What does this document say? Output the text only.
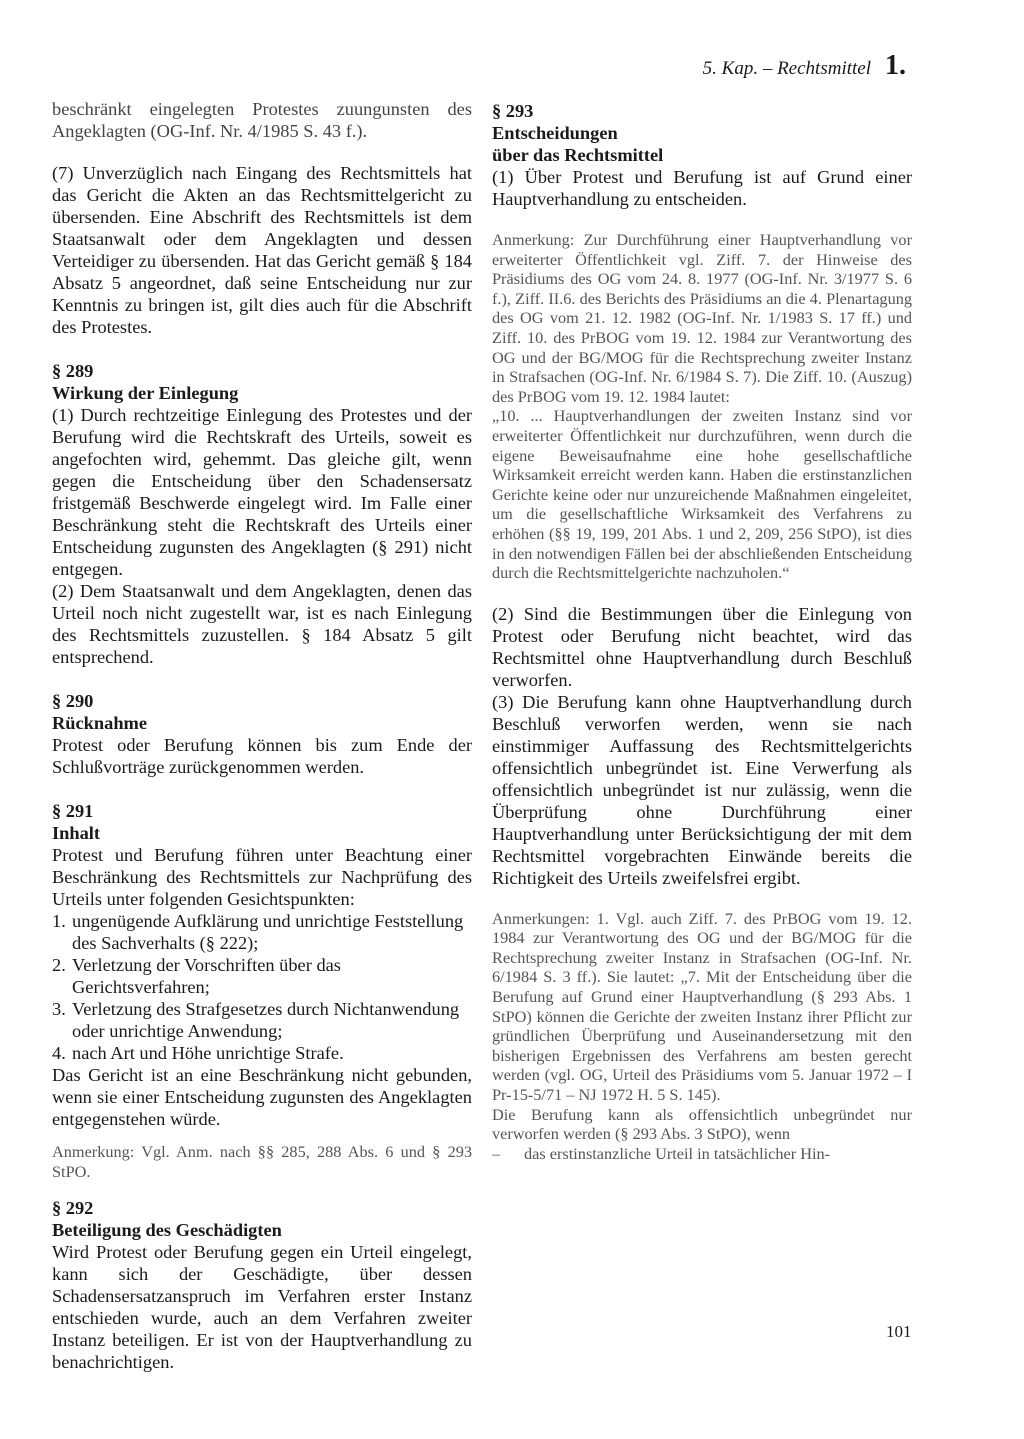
5. Kap. – Rechtsmittel 1.

beschränkt eingelegten Protestes zuungunsten des Angeklagten (OG-Inf. Nr. 4/1985 S. 43 f.).

(7) Unverzüglich nach Eingang des Rechtsmittels hat das Gericht die Akten an das Rechtsmittelgericht zu übersenden. Eine Abschrift des Rechtsmittels ist dem Staatsanwalt oder dem Angeklagten und dessen Verteidiger zu übersenden. Hat das Gericht gemäß § 184 Absatz 5 angeordnet, daß seine Entscheidung nur zur Kenntnis zu bringen ist, gilt dies auch für die Abschrift des Protestes.

§ 289
Wirkung der Einlegung

(1) Durch rechtzeitige Einlegung des Protestes und der Berufung wird die Rechtskraft des Urteils, soweit es angefochten wird, gehemmt. Das gleiche gilt, wenn gegen die Entscheidung über den Schadensersatz fristgemäß Beschwerde eingelegt wird. Im Falle einer Beschränkung steht die Rechtskraft des Urteils einer Entscheidung zugunsten des Angeklagten (§ 291) nicht entgegen.

(2) Dem Staatsanwalt und dem Angeklagten, denen das Urteil noch nicht zugestellt war, ist es nach Einlegung des Rechtsmittels zuzustellen. § 184 Absatz 5 gilt entsprechend.

§ 290
Rücknahme

Protest oder Berufung können bis zum Ende der Schlußvorträge zurückgenommen werden.

§ 291
Inhalt

Protest und Berufung führen unter Beachtung einer Beschränkung des Rechtsmittels zur Nachprüfung des Urteils unter folgenden Gesichtspunkten:

1. ungenügende Aufklärung und unrichtige Feststellung des Sachverhalts (§ 222);
2. Verletzung der Vorschriften über das Gerichtsverfahren;
3. Verletzung des Strafgesetzes durch Nichtanwendung oder unrichtige Anwendung;
4. nach Art und Höhe unrichtige Strafe.

Das Gericht ist an eine Beschränkung nicht gebunden, wenn sie einer Entscheidung zugunsten des Angeklagten entgegenstehen würde.

Anmerkung: Vgl. Anm. nach §§ 285, 288 Abs. 6 und § 293 StPO.

§ 292
Beteiligung des Geschädigten

Wird Protest oder Berufung gegen ein Urteil eingelegt, kann sich der Geschädigte, über dessen Schadensersatzanspruch im Verfahren erster Instanz entschieden wurde, auch an dem Verfahren zweiter Instanz beteiligen. Er ist von der Hauptverhandlung zu benachrichtigen.

§ 293
Entscheidungen
über das Rechtsmittel

(1) Über Protest und Berufung ist auf Grund einer Hauptverhandlung zu entscheiden.

Anmerkung: Zur Durchführung einer Hauptverhandlung vor erweiterter Öffentlichkeit vgl. Ziff. 7. der Hinweise des Präsidiums des OG vom 24. 8. 1977 (OG-Inf. Nr. 3/1977 S. 6 f.), Ziff. II.6. des Berichts des Präsidiums an die 4. Plenartagung des OG vom 21. 12. 1982 (OG-Inf. Nr. 1/1983 S. 17 ff.) und Ziff. 10. des PrBOG vom 19. 12. 1984 zur Verantwortung des OG und der BG/MOG für die Rechtsprechung zweiter Instanz in Strafsachen (OG-Inf. Nr. 6/1984 S. 7). Die Ziff. 10. (Auszug) des PrBOG vom 19. 12. 1984 lautet:

„10. ... Hauptverhandlungen der zweiten Instanz sind vor erweiterter Öffentlichkeit nur durchzuführen, wenn durch die eigene Beweisaufnahme eine hohe gesellschaftliche Wirksamkeit erreicht werden kann. Haben die erstinstanzlichen Gerichte keine oder nur unzureichende Maßnahmen eingeleitet, um die gesellschaftliche Wirksamkeit des Verfahrens zu erhöhen (§§ 19, 199, 201 Abs. 1 und 2, 209, 256 StPO), ist dies in den notwendigen Fällen bei der abschließenden Entscheidung durch die Rechtsmittelgerichte nachzuholen.“

(2) Sind die Bestimmungen über die Einlegung von Protest oder Berufung nicht beachtet, wird das Rechtsmittel ohne Hauptverhandlung durch Beschluß verworfen.

(3) Die Berufung kann ohne Hauptverhandlung durch Beschluß verworfen werden, wenn sie nach einstimmiger Auffassung des Rechtsmittelgerichts offensichtlich unbegründet ist. Eine Verwerfung als offensichtlich unbegründet ist nur zulässig, wenn die Überprüfung ohne Durchführung einer Hauptverhandlung unter Berücksichtigung der mit dem Rechtsmittel vorgebrachten Einwände bereits die Richtigkeit des Urteils zweifelsfrei ergibt.

Anmerkungen: 1. Vgl. auch Ziff. 7. des PrBOG vom 19. 12. 1984 zur Verantwortung des OG und der BG/MOG für die Rechtsprechung zweiter Instanz in Strafsachen (OG-Inf. Nr. 6/1984 S. 3 ff.). Sie lautet: „7. Mit der Entscheidung über die Berufung auf Grund einer Hauptverhandlung (§ 293 Abs. 1 StPO) können die Gerichte der zweiten Instanz ihrer Pflicht zur gründlichen Überprüfung und Auseinandersetzung mit den bisherigen Ergebnissen des Verfahrens am besten gerecht werden (vgl. OG, Urteil des Präsidiums vom 5. Januar 1972 – I Pr-15-5/71 – NJ 1972 H. 5 S. 145).

Die Berufung kann als offensichtlich unbegründet nur verworfen werden (§ 293 Abs. 3 StPO), wenn

–	das erstinstanzliche Urteil in tatsächlicher Hin-
101
